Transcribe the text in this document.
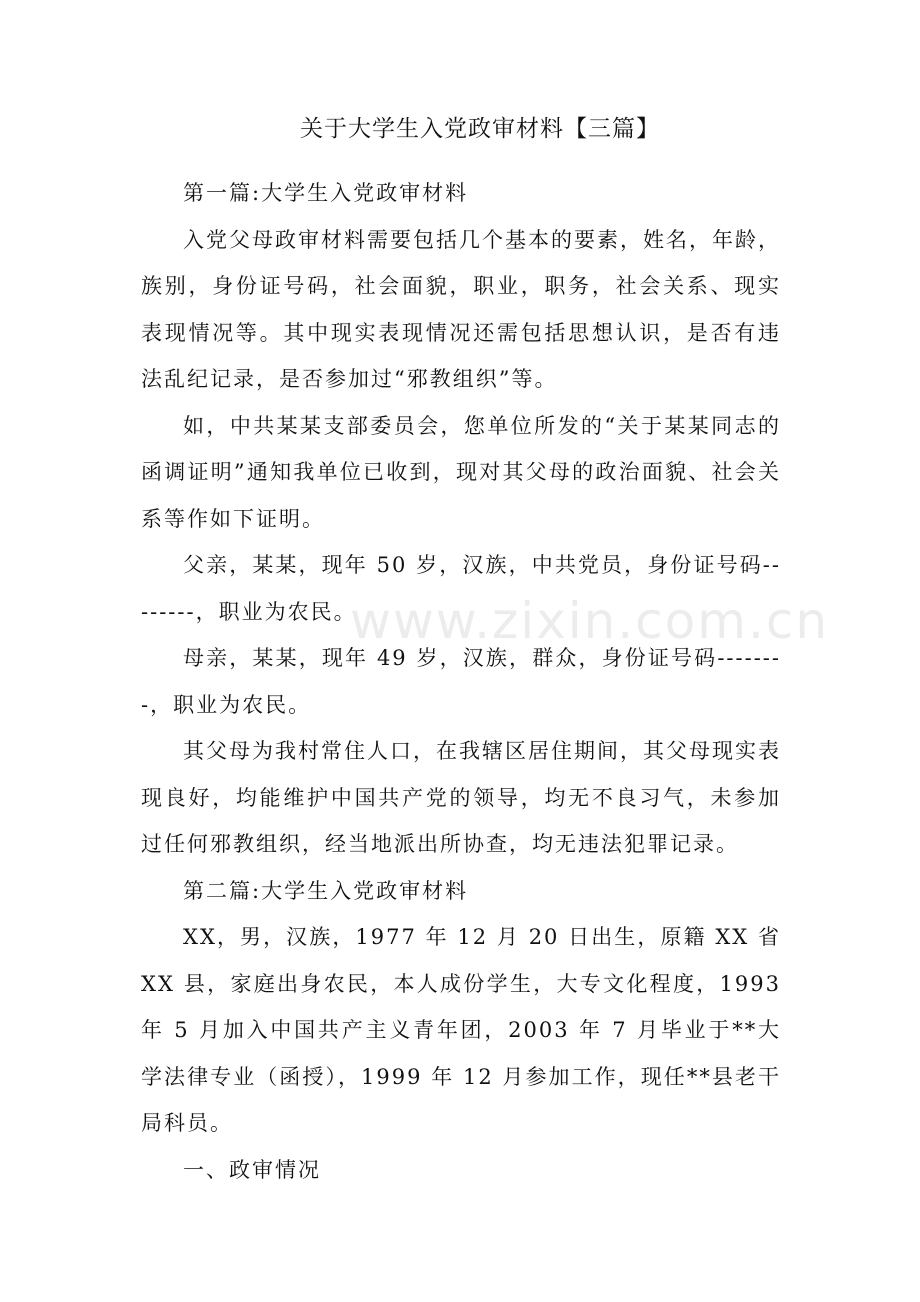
关于大学生入党政审材料【三篇】

第一篇:大学生入党政审材料

入党父母政审材料需要包括几个基本的要素，姓名，年龄，族别，身份证号码，社会面貌，职业，职务，社会关系、现实表现情况等。其中现实表现情况还需包括思想认识，是否有违法乱纪记录，是否参加过“邪教组织”等。

如，中共某某支部委员会，您单位所发的“关于某某同志的函调证明”通知我单位已收到，现对其父母的政治面貌、社会关系等作如下证明。

父亲，某某，现年 50 岁，汉族，中共党员，身份证号码--------，职业为农民。

母亲，某某，现年 49 岁，汉族，群众，身份证号码--------，职业为农民。

其父母为我村常住人口，在我辖区居住期间，其父母现实表现良好，均能维护中国共产党的领导，均无不良习气，未参加过任何邪教组织，经当地派出所协查，均无违法犯罪记录。

第二篇:大学生入党政审材料

XX，男，汉族，1977 年 12 月 20 日出生，原籍 XX 省 XX 县，家庭出身农民，本人成份学生，大专文化程度，1993 年 5 月加入中国共产主义青年团，2003 年 7 月毕业于**大学法律专业（函授），1999 年 12 月参加工作，现任**县老干局科员。

一、政审情况

www.zixin.com.cn
